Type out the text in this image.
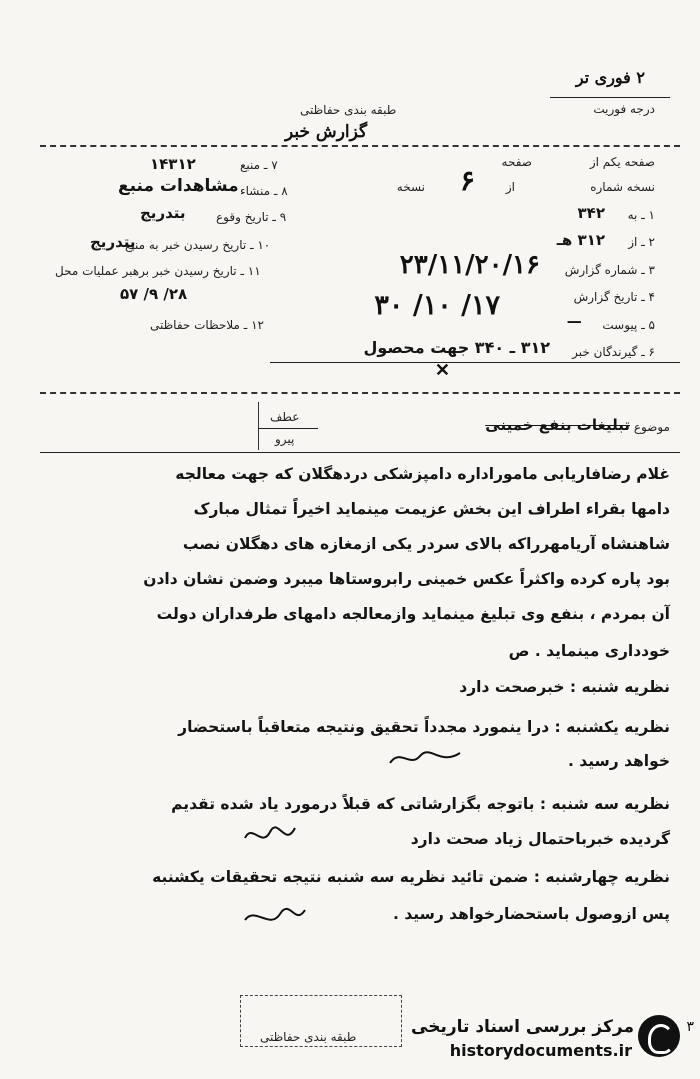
۲ فوری تر
درجه فوریت
طبقه بندی حفاظتی
گزارش خبر
صفحه یکم از
صفحه
نسخه شماره
۶	از
نسخه
۱ ـ به
۳۴۲
۲ ـ از
۳۱۲ هـ
۳ ـ شماره گزارش
۲۳/۱۱/۲۰/۱۶
۴ ـ تاریخ گزارش
۱۷/ ۱۰/ ۳۰
۵ ـ پیوست
—
۶ ـ گیرندگان خبر
۳۱۲ ـ ۳۴۰ جهت محصول
۷ ـ منبع
۱۴۳۱۲
۸ ـ منشاء
مشاهدات منبع
۹ ـ تاریخ وقوع
بتدریج
۱۰ ـ تاریخ رسیدن خبر به منبع
بتدریج
۱۱ ـ تاریخ رسیدن خبر برهبر عملیات محل
۲۸/ ۹/ ۵۷
۱۲ ـ ملاحظات حفاظتی
✕
موضوع
تبلیغات بنفع خمینی
عطف
پیرو
غلام رضافاریابی ماموراداره دامپزشکی دردهگلان که جهت معالجه
دامها بقراء اطراف این بخش عزیمت مینماید اخیراً تمثال مبارک
شاهنشاه آریامهرراکه بالای سردر یکی ازمغازه های دهگلان نصب
بود پاره کرده واکثراً عکس خمینی رابروستاها میبرد وضمن نشان دادن
آن بمردم ، بنفع وی تبلیغ مینماید وازمعالجه دامهای طرفداران دولت
خودداری مینماید . ص
نظریه شنبه : خبرصحت دارد
نظریه یکشنبه : درا ینمورد مجدداً تحقیق ونتیجه متعاقباً باستحضار
خواهد رسید .
نظریه سه شنبه : باتوجه بگزارشاتی که قبلاً درمورد یاد شده تقدیم
گردیده خبرباحتمال زیاد صحت دارد
نظریه چهارشنبه : ضمن تائید نظریه سه شنبه نتیجه تحقیقات یکشنبه
پس ازوصول باستحضارخواهد رسید .
طبقه بندی حفاظتی	مرکز بررسی اسناد تاریخی
historydocuments.ir
۳
